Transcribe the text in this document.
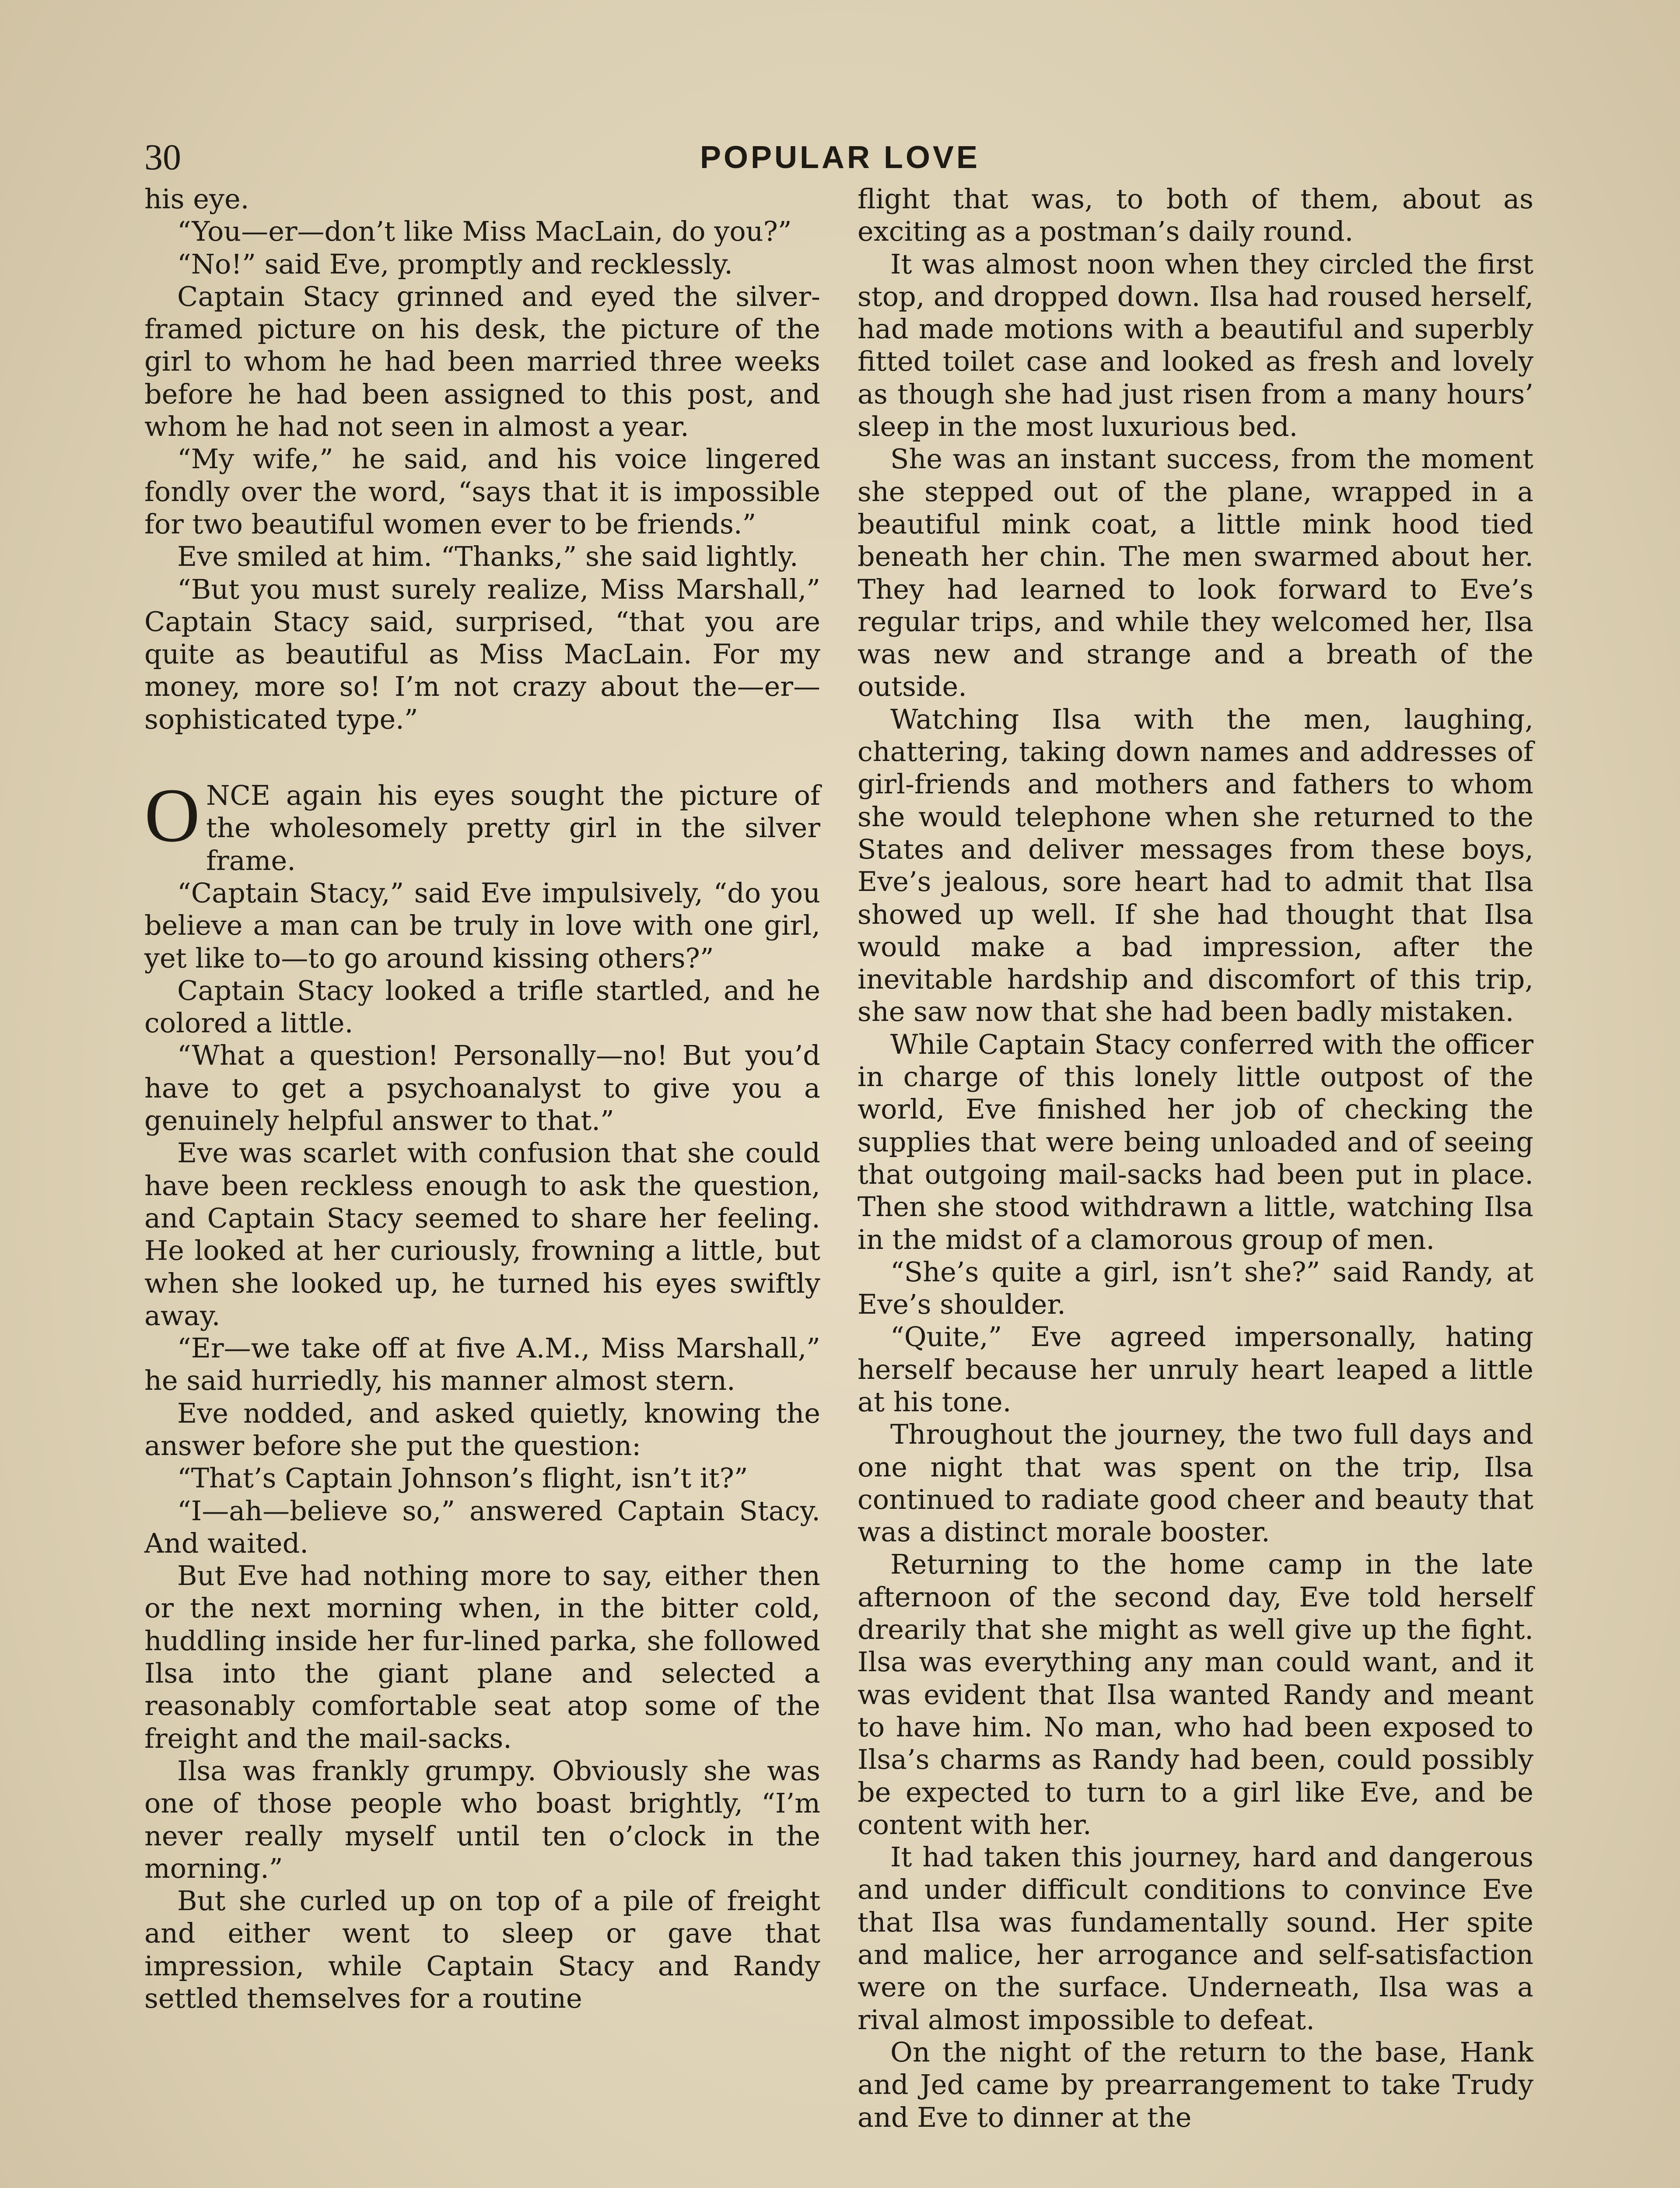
30	POPULAR LOVE

his eye.

“You—er—don’t like Miss MacLain, do you?”

“No!” said Eve, promptly and recklessly.

Captain Stacy grinned and eyed the silver-framed picture on his desk, the picture of the girl to whom he had been married three weeks before he had been assigned to this post, and whom he had not seen in almost a year.

“My wife,” he said, and his voice lingered fondly over the word, “says that it is impossible for two beautiful women ever to be friends.”

Eve smiled at him. “Thanks,” she said lightly.

“But you must surely realize, Miss Marshall,” Captain Stacy said, surprised, “that you are quite as beautiful as Miss MacLain. For my money, more so! I’m not crazy about the—er—sophisticated type.”

ONCE again his eyes sought the picture of the wholesomely pretty girl in the silver frame.

“Captain Stacy,” said Eve impulsively, “do you believe a man can be truly in love with one girl, yet like to—to go around kissing others?”

Captain Stacy looked a trifle startled, and he colored a little.

“What a question! Personally—no! But you’d have to get a psychoanalyst to give you a genuinely helpful answer to that.”

Eve was scarlet with confusion that she could have been reckless enough to ask the question, and Captain Stacy seemed to share her feeling. He looked at her curiously, frowning a little, but when she looked up, he turned his eyes swiftly away.

“Er—we take off at five A.M., Miss Marshall,” he said hurriedly, his manner almost stern.

Eve nodded, and asked quietly, knowing the answer before she put the question:

“That’s Captain Johnson’s flight, isn’t it?”

“I—ah—believe so,” answered Captain Stacy. And waited.

But Eve had nothing more to say, either then or the next morning when, in the bitter cold, huddling inside her fur-lined parka, she followed Ilsa into the giant plane and selected a reasonably comfortable seat atop some of the freight and the mail-sacks.

Ilsa was frankly grumpy. Obviously she was one of those people who boast brightly, “I’m never really myself until ten o’clock in the morning.”

But she curled up on top of a pile of freight and either went to sleep or gave that impression, while Captain Stacy and Randy settled themselves for a routine

flight that was, to both of them, about as exciting as a postman’s daily round.

It was almost noon when they circled the first stop, and dropped down. Ilsa had roused herself, had made motions with a beautiful and superbly fitted toilet case and looked as fresh and lovely as though she had just risen from a many hours’ sleep in the most luxurious bed.

She was an instant success, from the moment she stepped out of the plane, wrapped in a beautiful mink coat, a little mink hood tied beneath her chin. The men swarmed about her. They had learned to look forward to Eve’s regular trips, and while they welcomed her, Ilsa was new and strange and a breath of the outside.

Watching Ilsa with the men, laughing, chattering, taking down names and addresses of girl-friends and mothers and fathers to whom she would telephone when she returned to the States and deliver messages from these boys, Eve’s jealous, sore heart had to admit that Ilsa showed up well. If she had thought that Ilsa would make a bad impression, after the inevitable hardship and discomfort of this trip, she saw now that she had been badly mistaken.

While Captain Stacy conferred with the officer in charge of this lonely little outpost of the world, Eve finished her job of checking the supplies that were being unloaded and of seeing that outgoing mail-sacks had been put in place. Then she stood withdrawn a little, watching Ilsa in the midst of a clamorous group of men.

“She’s quite a girl, isn’t she?” said Randy, at Eve’s shoulder.

“Quite,” Eve agreed impersonally, hating herself because her unruly heart leaped a little at his tone.

Throughout the journey, the two full days and one night that was spent on the trip, Ilsa continued to radiate good cheer and beauty that was a distinct morale booster.

Returning to the home camp in the late afternoon of the second day, Eve told herself drearily that she might as well give up the fight. Ilsa was everything any man could want, and it was evident that Ilsa wanted Randy and meant to have him. No man, who had been exposed to Ilsa’s charms as Randy had been, could possibly be expected to turn to a girl like Eve, and be content with her.

It had taken this journey, hard and dangerous and under difficult conditions to convince Eve that Ilsa was fundamentally sound. Her spite and malice, her arrogance and self-satisfaction were on the surface. Underneath, Ilsa was a rival almost impossible to defeat.

On the night of the return to the base, Hank and Jed came by prearrangement to take Trudy and Eve to dinner at the
